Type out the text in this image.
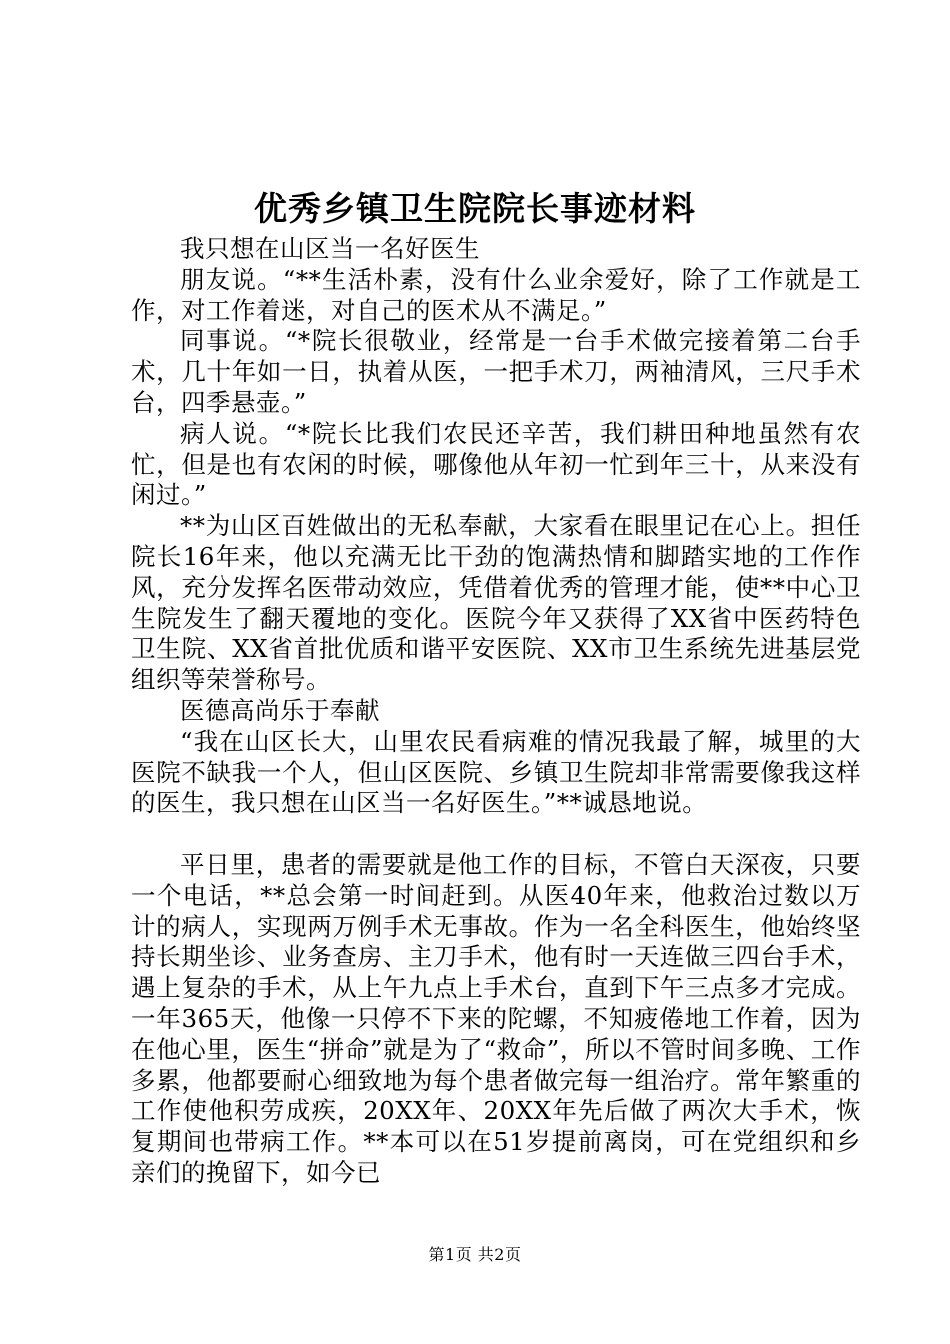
优秀乡镇卫生院院长事迹材料

我只想在山区当一名好医生

朋友说。“**生活朴素，没有什么业余爱好，除了工作就是工作，对工作着迷，对自己的医术从不满足。”

同事说。“*院长很敬业，经常是一台手术做完接着第二台手术，几十年如一日，执着从医，一把手术刀，两袖清风，三尺手术台，四季悬壶。”

病人说。“*院长比我们农民还辛苦，我们耕田种地虽然有农忙，但是也有农闲的时候，哪像他从年初一忙到年三十，从来没有闲过。”

**为山区百姓做出的无私奉献，大家看在眼里记在心上。担任院长16年来，他以充满无比干劲的饱满热情和脚踏实地的工作作风，充分发挥名医带动效应，凭借着优秀的管理才能，使**中心卫生院发生了翻天覆地的变化。医院今年又获得了XX省中医药特色卫生院、XX省首批优质和谐平安医院、XX市卫生系统先进基层党组织等荣誉称号。

医德高尚乐于奉献

“我在山区长大，山里农民看病难的情况我最了解，城里的大医院不缺我一个人，但山区医院、乡镇卫生院却非常需要像我这样的医生，我只想在山区当一名好医生。”**诚恳地说。

平日里，患者的需要就是他工作的目标，不管白天深夜，只要一个电话，**总会第一时间赶到。从医40年来，他救治过数以万计的病人，实现两万例手术无事故。作为一名全科医生，他始终坚持长期坐诊、业务查房、主刀手术，他有时一天连做三四台手术，遇上复杂的手术，从上午九点上手术台，直到下午三点多才完成。一年365天，他像一只停不下来的陀螺，不知疲倦地工作着，因为在他心里，医生“拼命”就是为了“救命”，所以不管时间多晚、工作多累，他都要耐心细致地为每个患者做完每一组治疗。常年繁重的工作使他积劳成疾，20XX年、20XX年先后做了两次大手术，恢复期间也带病工作。**本可以在51岁提前离岗，可在党组织和乡亲们的挽留下，如今已

第1页 共2页
